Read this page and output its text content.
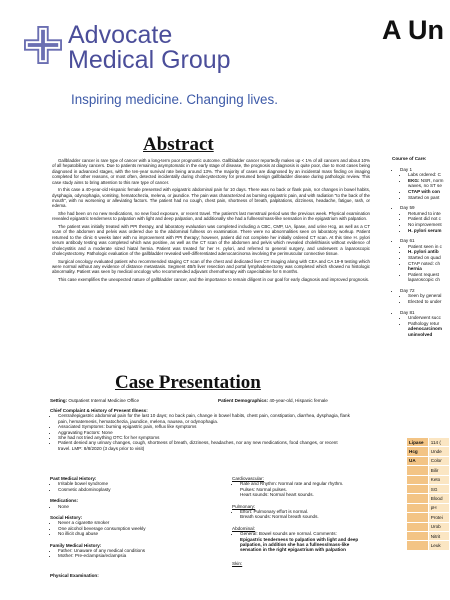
Advocate
Medical Group
Inspiring medicine. Changing lives.
A Un
Abstract

Gallbladder cancer is rare type of cancer with a long-term poor prognostic outcome. Gallbladder cancer reportedly makes up < 1% of all cancers and about 10% of all hepatobiliary cancers. Due to patients remaining asymptomatic in the early stage of disease, the prognosis at diagnosis is quite poor, due to most cases being diagnosed in advanced stages, with the ten-year survival rate being around 13%. The majority of cases are diagnosed by an incidental mass finding on imaging completed for other reasons, or most often, detected incidentally during cholecystectomy for presumed benign gallbladder disease during pathologic review. This case study aims to bring attention to this rare type of cancer.

In this case a 40-year-old Hispanic female presented with epigastric abdominal pain for 10 days. There was no back or flank pain, nor changes in bowel habits, dysphagia, odynophagia, vomiting, hematochezia, melena, or jaundice. The pain was characterized as burning epigastric pain, and with radiation "to the back of the mouth", with no worsening or alleviating factors. The patient had no cough, chest pain, shortness of breath, palpitations, dizziness, headache, fatigue, rash, or edema.

She had been on no new medications, no new food exposure, or recent travel. The patient's last menstrual period was the previous week. Physical examination revealed epigastric tenderness to palpation with light and deep palpation, and additionally she had a fullness/mass-like sensation in the epigastrium with palpation.

The patient was initially treated with PPI therapy, and laboratory evaluation was completed including a CBC, CMP, UA, lipase, and urine Hcg, as well as a CT scan of the abdomen and pelvis was ordered due to the abdominal fullness on examination. There were no abnormalities seen on laboratory workup. Patient returned to the clinic 6 weeks later with no improvement with PPI therapy; however, patient did not complete her initially ordered CT scan. At this time H. pylori serum antibody testing was completed which was positive, as well as the CT scan of the abdomen and pelvis which revealed cholelithiasis without evidence of cholecystitis and a moderate sized hiatal hernia. Patient was treated for her H. pylori, and referred to general surgery, and underwent a laparoscopic cholecystectomy. Pathologic evaluation of the gallbladder revealed well-differentiated adenocarcinoma involving the perimuscular connective tissue.

Surgical oncology evaluated patient who recommended staging CT scan of the chest and dedicated liver CT imaging along with CEA and CA 19-9 testing which were normal without any evidence of distance metastasis. Segment 4B/5 liver resection and portal lymphadenectomy was completed which showed no histologic abnormality. Patient was seen by medical oncology who recommended adjuvant chemotherapy with capecitabine for 6 months.

This case exemplifies the unexpected nature of gallbladder cancer, and the importance to remain diligent in our goal for early diagnosis and improved prognosis.

Case Presentation
Setting: Outpatient Internal Medicine Office	Patient Demographics: 40-year-old, Hispanic female
Chief Complaint & History of Present Illness:
• Central/epigastric abdominal pain for the last 10 days; no back pain, change in bowel habits, chest pain, constipation, diarrhea, dysphagia, flank pain, hematemesis, hematochezia, jaundice, melena, nausea, or odynophagia.
• Associated Symptoms: burning epigastric pain, reflux like symptoms
• Aggravating Factors: None
• She had not tried anything OTC for her symptoms
• Patient denied any urinary changes, cough, shortness of breath, dizziness, headaches, nor any new medications, food changes, or recent travel. LMP: 8/8/2020 (3 days prior to visit)
Past Medical History:
• Irritable bowel syndrome
• Cosmetic abdominoplasty
Medications:
• None
Social History:
• Never a cigarette smoker
• One alcohol beverage consumption weekly
• No illicit drug abuse
Family Medical History:
• Father: Unaware of any medical conditions
• Mother: Pre-eclampsia/eclampsia
Physical Examination:
Cardiovascular:
• Rate and Rhythm: Normal rate and regular rhythm.
Pulses: Normal pulses.
Heart sounds: Normal heart sounds.
Pulmonary:
• Effort: Pulmonary effort is normal.
Breath sounds: Normal breath sounds.
Abdominal:
• General: Bowel sounds are normal. Comments:
Epigastric tenderness to palpation with light and deep palpation, in addition she has a fullness/mass-like sensation in the right epigastrium with palpation
Skin:
Course of Care:
• Day 1
• Labs ordered: C
• EKG: NSR, norm
waves, no ST se
• CTAP with con
• Started on pant
• Day 59
• Returned to inte
• Patient did not c
• No improvement
• H. pylori serum
• Day 61
• Patient seen in c
• H. pylori antib
• Started on quad
• CTAP noted: ch
hernia
• Patient request
laparoscopic ch
• Day 72
• Seen by general
• Elected to under
• Day 81
• Underwent succ
• Pathology retur
adenocarcinom
uninvolved
Lipase	114 (
Hcg	Unde
UA	Color
	Bilir
	Keto
	SG
	Blood
	pH
	Protei
	Urob
	Nitrit
	Leuk
